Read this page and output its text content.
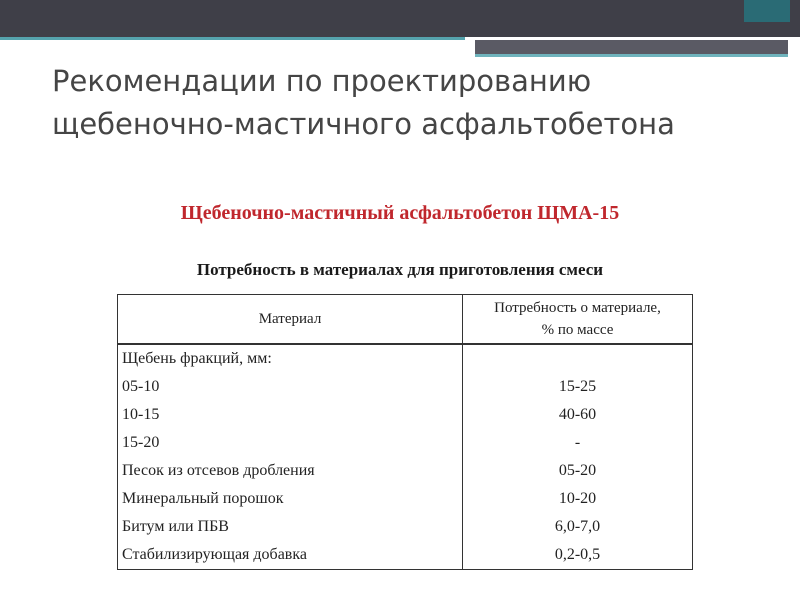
Рекомендации по проектированию щебеночно-мастичного асфальтобетона
Щебеночно-мастичный асфальтобетон ЩМА-15
Потребность в материалах для приготовления смеси
Материал	Потребность о материале,
% по массе

Щебень фракций, мм:	
05-10	15-25
10-15	40-60
15-20	-
Песок из отсевов дробления	05-20
Минеральный порошок	10-20
Битум или ПБВ	6,0-7,0
Стабилизирующая добавка	0,2-0,5
